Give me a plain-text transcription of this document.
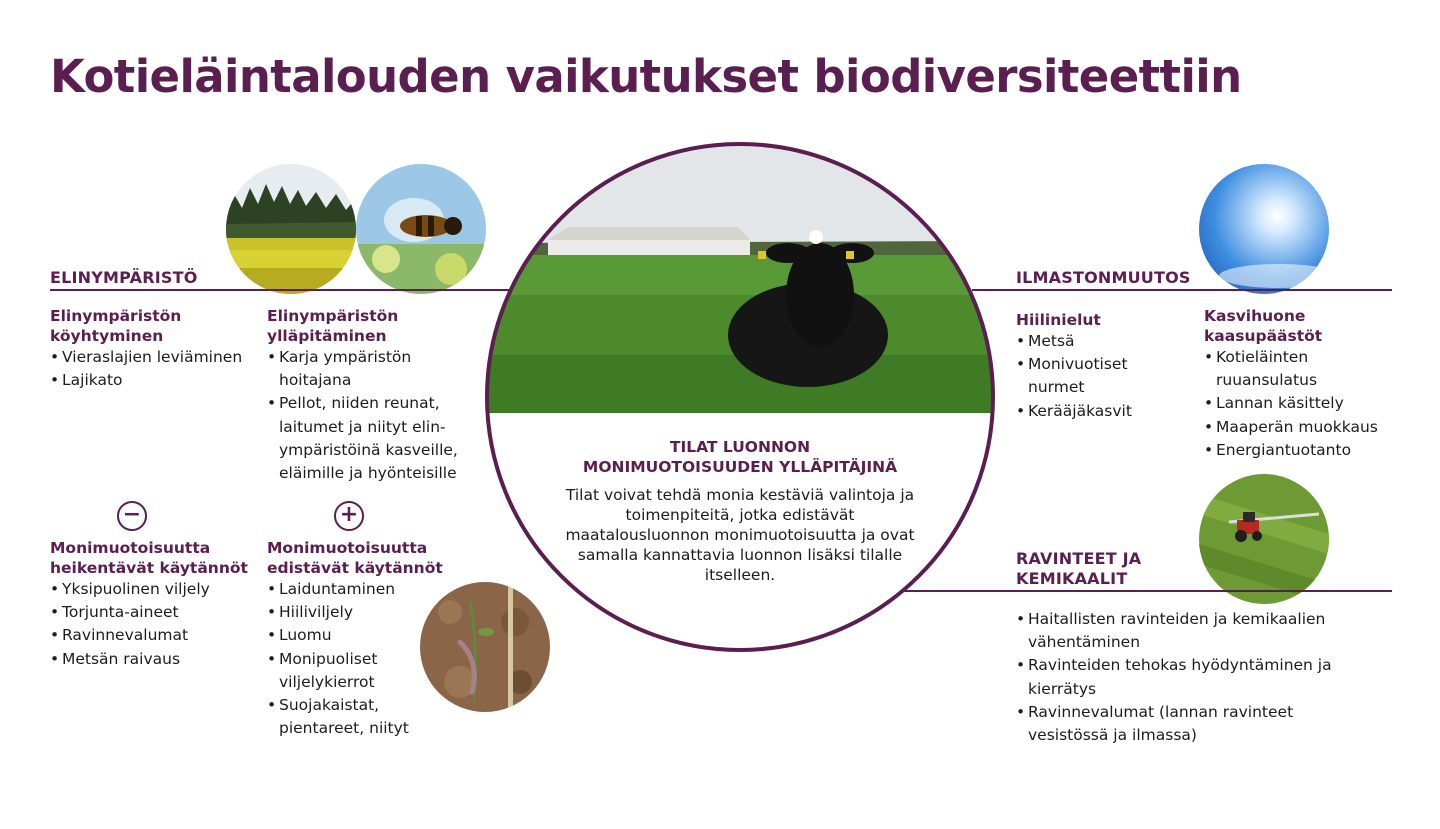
Kotieläintalouden vaikutukset biodiversiteettiin
ELINYMPÄRISTÖ
Elinympäristön
köyhtyminen
• Vieraslajien leviäminen
• Lajikato
Elinympäristön
ylläpitäminen
• Karja ympäristön hoitajana
• Pellot, niiden reunat, laitumet ja niityt elin-ympäristöinä kasveille, eläimille ja hyönteisille
−	+
Monimuotoisuutta
heikentävät käytännöt
• Yksipuolinen viljely
• Torjunta-aineet
• Ravinnevalumat
• Metsän raivaus
Monimuotoisuutta
edistävät käytännöt
• Laiduntaminen
• Hiiliviljely
• Luomu
• Monipuoliset viljelykierrot
• Suojakaistat, pientareet, niityt
TILAT LUONNON
MONIMUOTOISUUDEN YLLÄPITÄJINÄ

Tilat voivat tehdä monia kestäviä valintoja ja toimenpiteitä, jotka edistävät maatalousluonnon monimuotoisuutta ja ovat samalla kannattavia luonnon lisäksi tilalle itselleen.

ILMASTONMUUTOS
Hiilinielut
• Metsä
• Monivuotiset nurmet
• Kerääjäkasvit
Kasvihuone
kaasupäästöt
• Kotieläinten ruuansulatus
• Lannan käsittely
• Maaperän muokkaus
• Energiantuotanto
RAVINTEET JA
KEMIKAALIT
• Haitallisten ravinteiden ja kemikaalien vähentäminen
• Ravinteiden tehokas hyödyntäminen ja kierrätys
• Ravinnevalumat (lannan ravinteet vesistössä ja ilmassa)
